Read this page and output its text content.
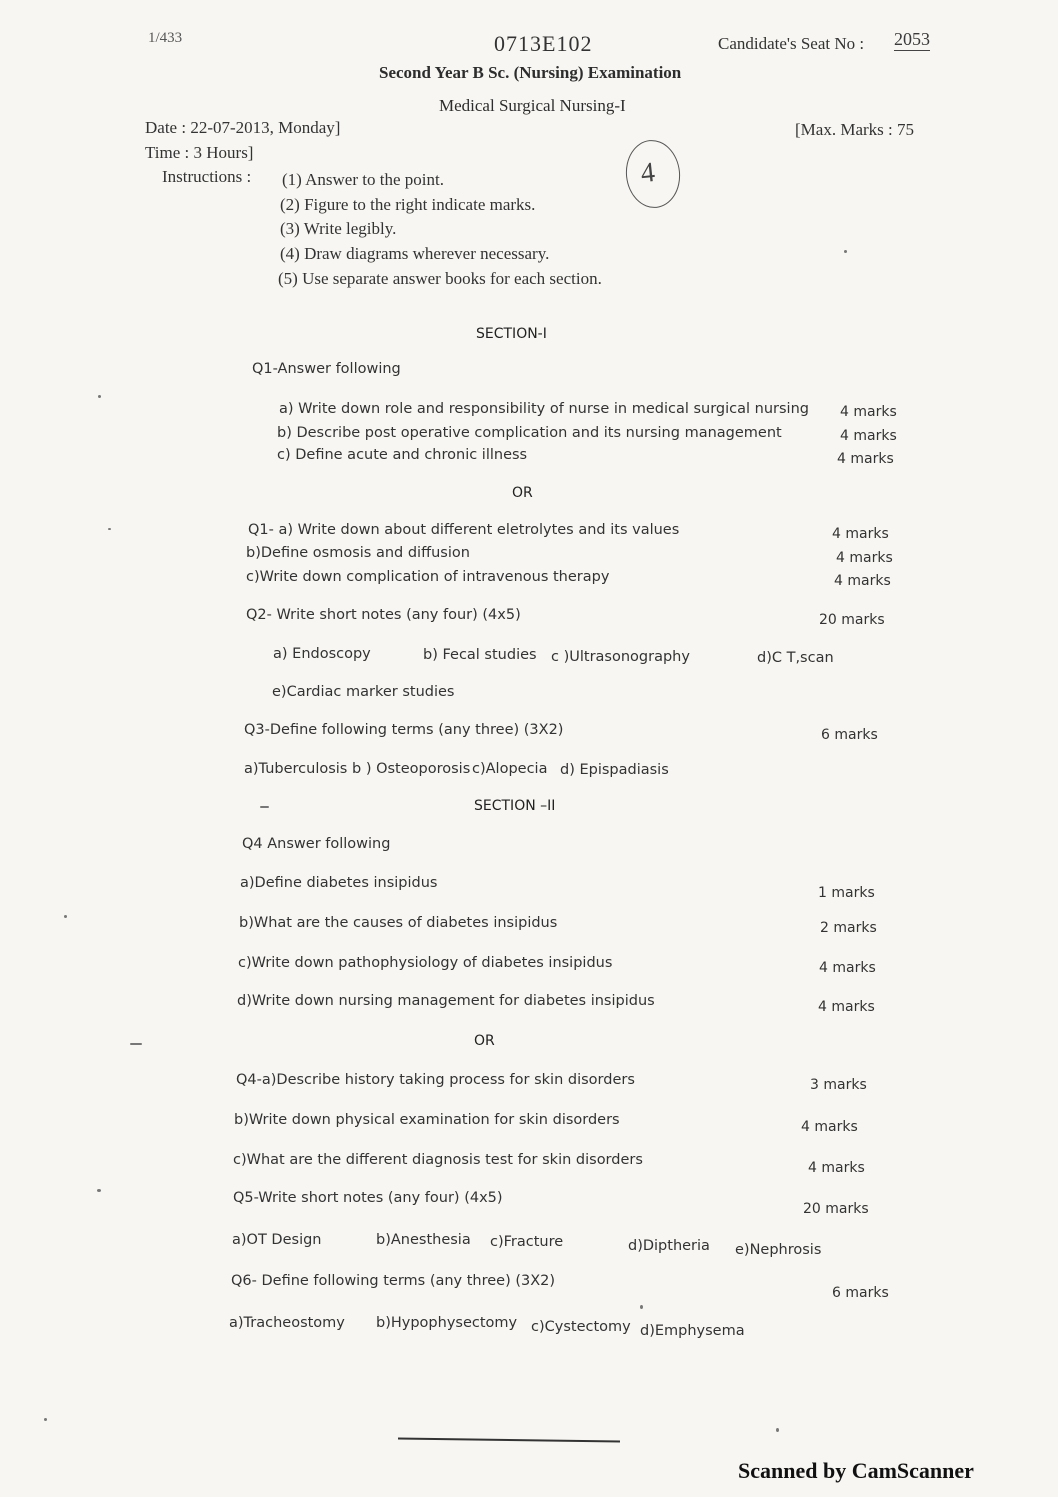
1/433	0713E102	Candidate's Seat No : 2053
Second Year B Sc. (Nursing) Examination
Medical Surgical Nursing-I
Date : 22-07-2013, Monday]	[Max. Marks : 75
Time : 3 Hours]
4
Instructions : (1) Answer to the point.
(2) Figure to the right indicate marks.
(3) Write legibly.
(4) Draw diagrams wherever necessary.
(5) Use separate answer books for each section.
SECTION-I
Q1-Answer following
a) Write down role and responsibility of nurse in medical surgical nursing 4 marks
b) Describe post operative complication and its nursing management	4 marks
c) Define acute and chronic illness	4 marks
OR
Q1- a) Write down about different eletrolytes and its values	4 marks
b)Define osmosis and diffusion	4 marks
c)Write down complication of intravenous therapy	4 marks
Q2- Write short notes (any four) (4x5)	20 marks
a) Endoscopy	b) Fecal studies c )Ultrasonography	d)C T,scan
e)Cardiac marker studies
Q3-Define following terms (any three) (3X2)	6 marks
a)Tuberculosis b ) Osteoporosis c)Alopecia d) Epispadiasis
SECTION –II
Q4 Answer following
a)Define diabetes insipidus
1 marks
b)What are the causes of diabetes insipidus	2 marks
c)Write down pathophysiology of diabetes insipidus	4 marks
d)Write down nursing management for diabetes insipidus	4 marks
OR
Q4-a)Describe history taking process for skin disorders	3 marks
b)Write down physical examination for skin disorders	4 marks
c)What are the different diagnosis test for skin disorders	4 marks
Q5-Write short notes (any four) (4x5)
20 marks
a)OT Design	b)Anesthesia c)Fracture	d)Diptheria e)Nephrosis
Q6- Define following terms (any three) (3X2)
6 marks
a)Tracheostomy b)Hypophysectomy c)Cystectomy d)Emphysema
Scanned by CamScanner
